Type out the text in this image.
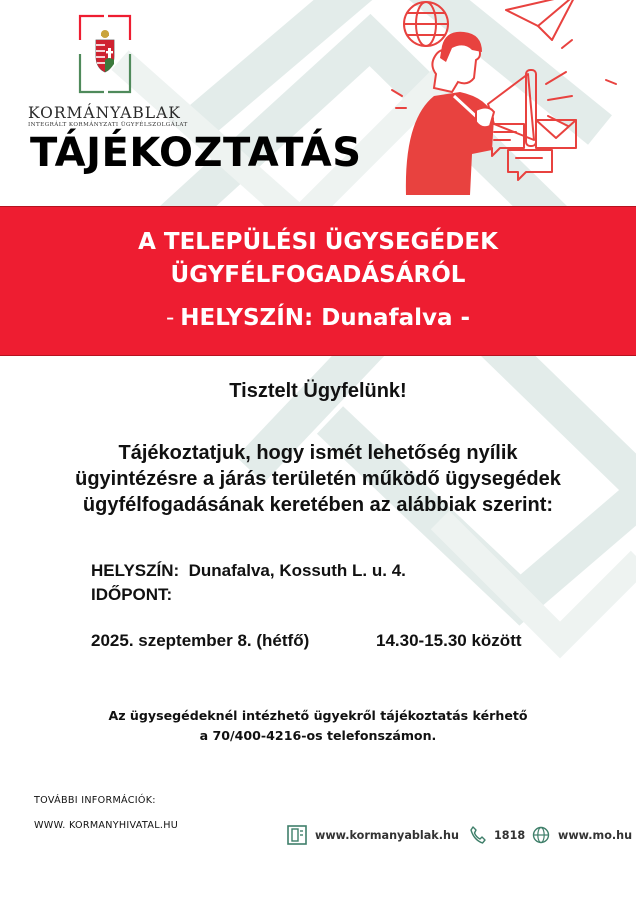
KORMÁNYABLAK
INTEGRÁLT KORMÁNYZATI ÜGYFÉLSZOLGÁLAT
TÁJÉKOZTATÁS
A TELEPÜLÉSI ÜGYSEGÉDEK
ÜGYFÉLFOGADÁSÁRÓL
- HELYSZÍN: Dunafalva -
Tisztelt Ügyfelünk!
Tájékoztatjuk, hogy ismét lehetőség nyílik
ügyintézésre a járás területén működő ügysegédek
ügyfélfogadásának keretében az alábbiak szerint:
HELYSZÍN: Dunafalva, Kossuth L. u. 4.
IDŐPONT:
2025. szeptember 8. (hétfő)	14.30-15.30 között
Az ügysegédeknél intézhető ügyekről tájékoztatás kérhető
a 70/400-4216-os telefonszámon.
TOVÁBBI INFORMÁCIÓK:
WWW. KORMANYHIVATAL.HU
www.kormanyablak.hu	1818	www.mo.hu
